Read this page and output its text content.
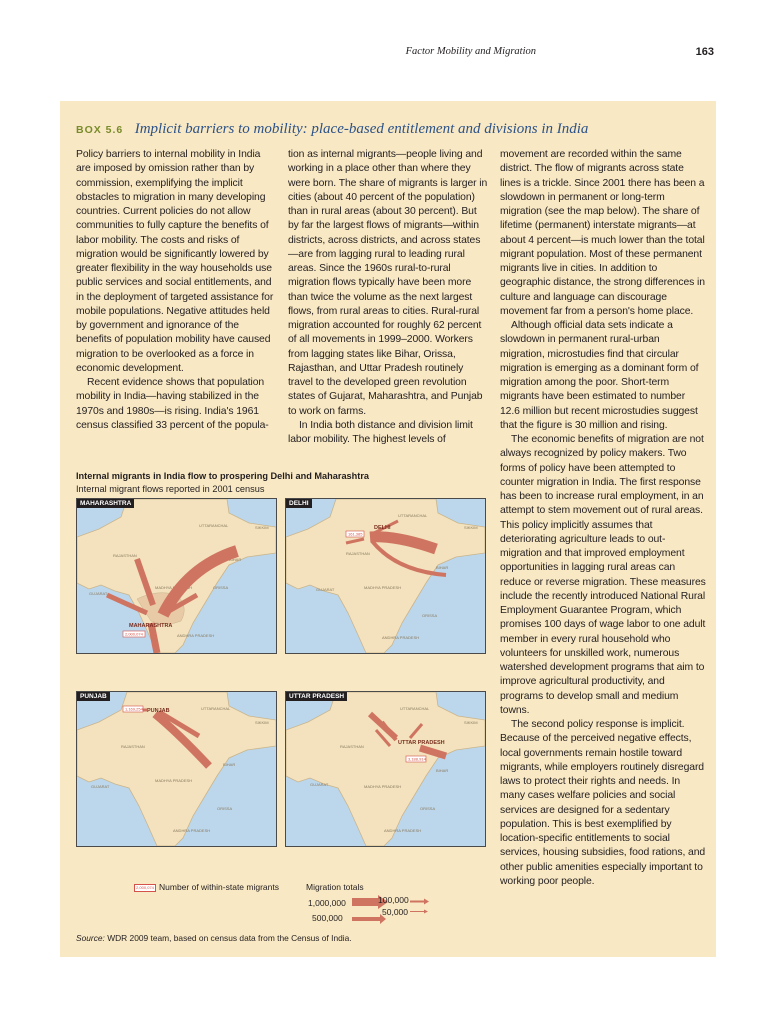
Factor Mobility and Migration	163
BOX 5.6 Implicit barriers to mobility: place-based entitlement and divisions in India

Policy barriers to internal mobility in India are imposed by omission rather than by commission, exemplifying the implicit obstacles to migration in many developing countries. Current policies do not allow communities to fully capture the benefits of labor mobility. The costs and risks of migration would be significantly lowered by greater flexibility in the way households use public services and social entitlements, and in the deployment of targeted assistance for mobile populations. Negative attitudes held by government and ignorance of the benefits of population mobility have caused migration to be overlooked as a force in economic development.

Recent evidence shows that population mobility in India—having stabilized in the 1970s and 1980s—is rising. India's 1961 census classified 33 percent of the popula-

tion as internal migrants—people living and working in a place other than where they were born. The share of migrants is larger in cities (about 40 percent of the population) than in rural areas (about 30 percent). But by far the largest flows of migrants—within districts, across districts, and across states—are from lagging rural to leading rural areas. Since the 1960s rural-to-rural migration flows typically have been more than twice the volume as the next largest flows, from rural areas to cities. Rural-rural migration accounted for roughly 62 percent of all movements in 1999–2000. Workers from lagging states like Bihar, Orissa, Rajasthan, and Uttar Pradesh routinely travel to the developed green revolution states of Gujarat, Maharashtra, and Punjab to work on farms.

In India both distance and division limit labor mobility. The highest levels of

movement are recorded within the same district. The flow of migrants across state lines is a trickle. Since 2001 there has been a slowdown in permanent or long-term migration (see the map below). The share of lifetime (permanent) interstate migrants—at about 4 percent—is much lower than the total migrant population. Most of these permanent migrants live in cities. In addition to geographic distance, the strong differences in culture and language can discourage movement far from a person's home place.

Although official data sets indicate a slowdown in permanent rural-urban migration, microstudies find that circular migration is emerging as a dominant form of migration among the poor. Short-term migrants have been estimated to number 12.6 million but recent microstudies suggest that the figure is 30 million and rising.

The economic benefits of migration are not always recognized by policy makers. Two forms of policy have been attempted to counter migration in India. The first response has been to increase rural employment, in an attempt to stem movement out of rural areas. This policy implicitly assumes that deteriorating agriculture leads to out-migration and that improved employment opportunities in lagging rural areas can reduce or reverse migration. These measures include the recently introduced National Rural Employment Guarantee Program, which promises 100 days of wage labor to one adult member in every rural household who volunteers for unskilled work, numerous watershed development programs that aim to improve agricultural productivity, and programs to develop small and medium towns.

The second policy response is implicit. Because of the perceived negative effects, local governments remain hostile toward migrants, while employers routinely disregard laws to protect their rights and needs. In many cases welfare policies and social services are designed for a sedentary population. This is best exemplified by location-specific entitlements to social services, housing subsidies, food rations, and other public amenities especially important to working poor people.

Internal migrants in India flow to prospering Delhi and Maharashtra
Internal migrant flows reported in 2001 census
UTTARANCHAL
RAJASTHAN
SIKKIM
GUJARAT
MADHYA PRADESH
BIHAR
ORISSA
ANDHRA PRADESH
2,000,074
MAHARASHTRA
MAHARASHTRA
UTTARANCHAL
RAJASTHAN
SIKKIM
GUJARAT	MADHYA PRADESH
BIHAR
ORISSA
ANDHRA PRADESH
161,385
DELHI
DELHI
UTTARANCHAL
RAJASTHAN
SIKKIM
GUJARAT
MADHYA PRADESH
BIHAR
ORISSA
ANDHRA PRADESH
1,169,254 PUNJAB
PUNJAB
UTTARANCHAL
RAJASTHAN
SIKKIM
GUJARAT	MADHYA PRADESH
BIHAR
ORISSA
ANDHRA PRADESH
3,188,914
UTTAR PRADESH
UTTAR PRADESH
2,000,074 Number of within-state migrants	Migration totals
1,000,000
500,000
100,000
50,000
Source: WDR 2009 team, based on census data from the Census of India.
